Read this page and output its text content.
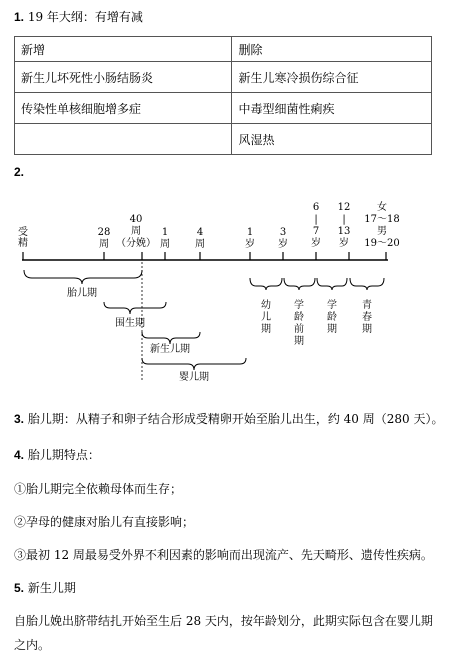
1. 19 年大纲：有增有减
新增	删除
新生儿坏死性小肠结肠炎	新生儿寒冷损伤综合征
传染性单核细胞增多症	中毒型细菌性痢疾
	风湿热
2.
受精
28 周
40 周（分娩）
1 周
4 周
1 岁
3 岁
6 | 7 岁
12 | 13 岁
女 17～18 男 19～20
胎儿期
围生期
新生儿期
婴儿期
幼儿期
学龄前期
学龄期
青春期
3. 胎儿期：从精子和卵子结合形成受精卵开始至胎儿出生，约 40 周（280 天）。
4. 胎儿期特点：
①胎儿期完全依赖母体而生存；
②孕母的健康对胎儿有直接影响；
③最初 12 周最易受外界不利因素的影响而出现流产、先天畸形、遗传性疾病。
5. 新生儿期
自胎儿娩出脐带结扎开始至生后 28 天内，按年龄划分，此期实际包含在婴儿期
之内。
